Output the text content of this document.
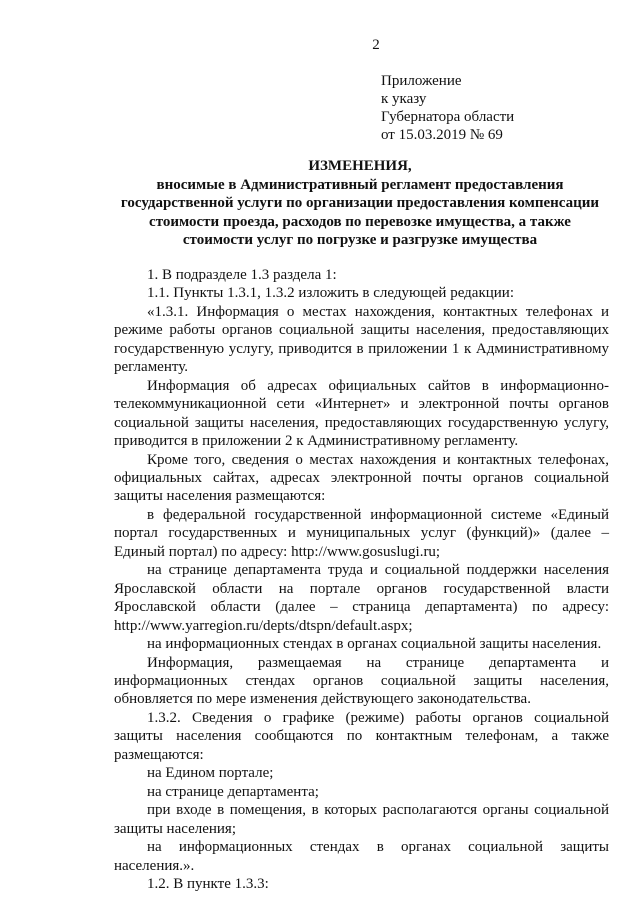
2
Приложение
к указу
Губернатора области
от 15.03.2019 № 69
ИЗМЕНЕНИЯ,
вносимые в Административный регламент предоставления государственной услуги по организации предоставления компенсации стоимости проезда, расходов по перевозке имущества, а также стоимости услуг по погрузке и разгрузке имущества

1. В подразделе 1.3 раздела 1:

1.1. Пункты 1.3.1, 1.3.2 изложить в следующей редакции:

«1.3.1. Информация о местах нахождения, контактных телефонах и режиме работы органов социальной защиты населения, предоставляющих государственную услугу, приводится в приложении 1 к Административному регламенту.

Информация об адресах официальных сайтов в информационно-телекоммуникационной сети «Интернет» и электронной почты органов социальной защиты населения, предоставляющих государственную услугу, приводится в приложении 2 к Административному регламенту.

Кроме того, сведения о местах нахождения и контактных телефонах, официальных сайтах, адресах электронной почты органов социальной защиты населения размещаются:

в федеральной государственной информационной системе «Единый портал государственных и муниципальных услуг (функций)» (далее – Единый портал) по адресу: http://www.gosuslugi.ru;

на странице департамента труда и социальной поддержки населения Ярославской области на портале органов государственной власти Ярославской области (далее – страница департамента) по адресу: http://www.yarregion.ru/depts/dtspn/default.aspx;

на информационных стендах в органах социальной защиты населения.

Информация, размещаемая на странице департамента и информационных стендах органов социальной защиты населения, обновляется по мере изменения действующего законодательства.

1.3.2. Сведения о графике (режиме) работы органов социальной защиты населения сообщаются по контактным телефонам, а также размещаются:

на Едином портале;

на странице департамента;

при входе в помещения, в которых располагаются органы социальной защиты населения;

на информационных стендах в органах социальной защиты населения.».

1.2. В пункте 1.3.3:
